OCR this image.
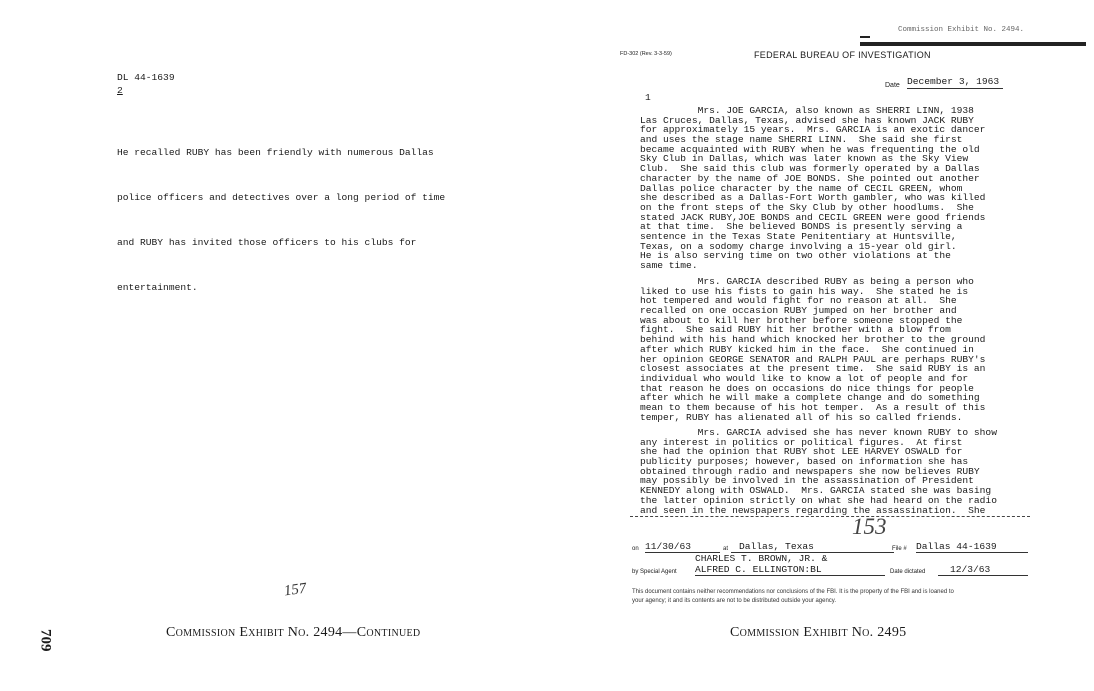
DL 44-1639
2

He recalled RUBY has been friendly with numerous Dallas

police officers and detectives over a long period of time

and RUBY has invited those officers to his clubs for

entertainment.

157
Commission Exhibit No. 2494—Continued
709
Commission Exhibit No. 2494.
FD-302 (Rev. 3-3-59)	FEDERAL BUREAU OF INVESTIGATION
Date December 3, 1963
1
Mrs. JOE GARCIA, also known as SHERRI LINN, 1938
Las Cruces, Dallas, Texas, advised she has known JACK RUBY
for approximately 15 years.  Mrs. GARCIA is an exotic dancer
and uses the stage name SHERRI LINN.  She said she first
became acquainted with RUBY when he was frequenting the old
Sky Club in Dallas, which was later known as the Sky View
Club.  She said this club was formerly operated by a Dallas
character by the name of JOE BONDS. She pointed out another
Dallas police character by the name of CECIL GREEN, whom
she described as a Dallas-Fort Worth gambler, who was killed
on the front steps of the Sky Club by other hoodlums.  She
stated JACK RUBY,JOE BONDS and CECIL GREEN were good friends
at that time.  She believed BONDS is presently serving a
sentence in the Texas State Penitentiary at Huntsville,
Texas, on a sodomy charge involving a 15-year old girl.
He is also serving time on two other violations at the
same time.
Mrs. GARCIA described RUBY as being a person who
liked to use his fists to gain his way.  She stated he is
hot tempered and would fight for no reason at all.  She
recalled on one occasion RUBY jumped on her brother and
was about to kill her brother before someone stopped the
fight.  She said RUBY hit her brother with a blow from
behind with his hand which knocked her brother to the ground
after which RUBY kicked him in the face.  She continued in
her opinion GEORGE SENATOR and RALPH PAUL are perhaps RUBY's
closest associates at the present time.  She said RUBY is an
individual who would like to know a lot of people and for
that reason he does on occasions do nice things for people
after which he will make a complete change and do something
mean to them because of his hot temper.  As a result of this
temper, RUBY has alienated all of his so called friends.
Mrs. GARCIA advised she has never known RUBY to show
any interest in politics or political figures.  At first
she had the opinion that RUBY shot LEE HARVEY OSWALD for
publicity purposes; however, based on information she has
obtained through radio and newspapers she now believes RUBY
may possibly be involved in the assassination of President
KENNEDY along with OSWALD.  Mrs. GARCIA stated she was basing
the latter opinion strictly on what she had heard on the radio
and seen in the newspapers regarding the assassination.  She
153
on 11/30/63	at	Dallas, Texas	File # Dallas 44-1639
CHARLES T. BROWN, JR. &
by Special Agent ALFRED C. ELLINGTON:BL	Date dictated	12/3/63
This document contains neither recommendations nor conclusions of the FBI. It is the property of the FBI and is loaned to
your agency; it and its contents are not to be distributed outside your agency.
Commission Exhibit No. 2495
